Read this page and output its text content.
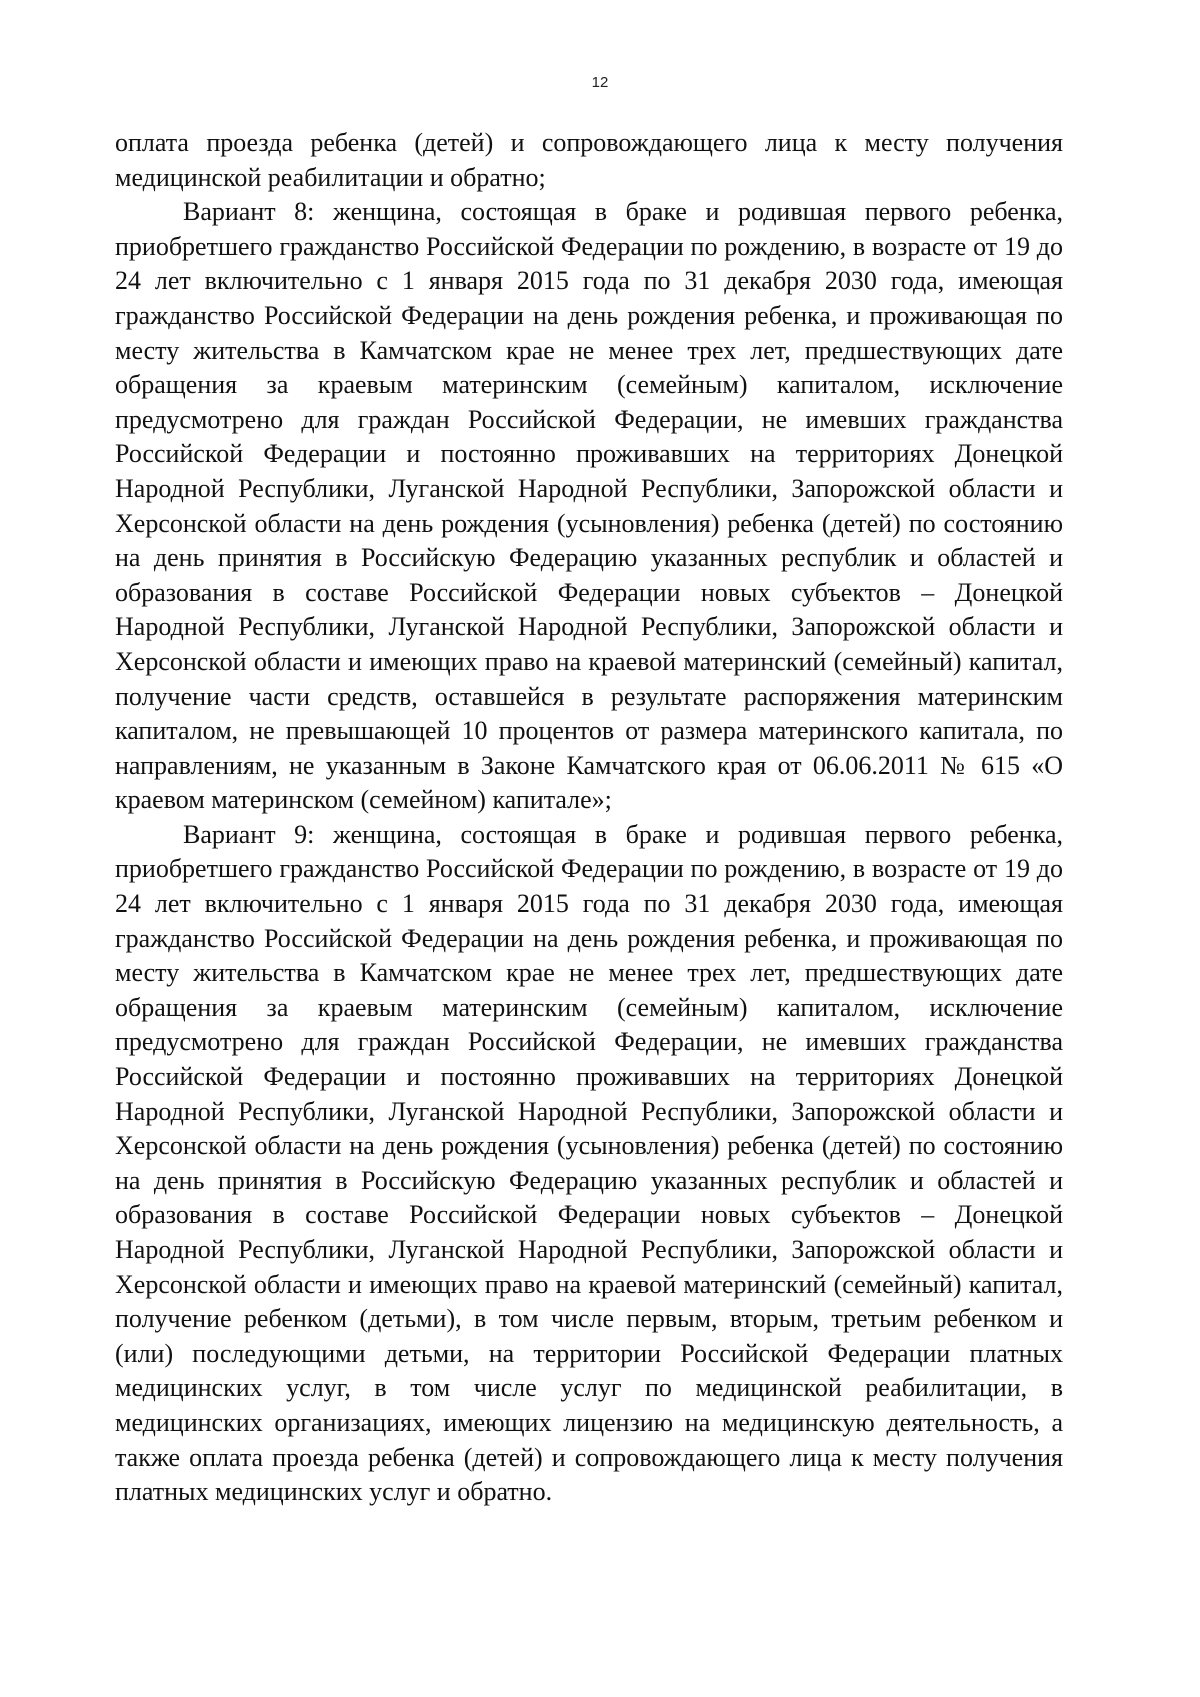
12

оплата проезда ребенка (детей) и сопровождающего лица к месту получения медицинской реабилитации и обратно;

Вариант 8: женщина, состоящая в браке и родившая первого ребенка, приобретшего гражданство Российской Федерации по рождению, в возрасте от 19 до 24 лет включительно с 1 января 2015 года по 31 декабря 2030 года, имеющая гражданство Российской Федерации на день рождения ребенка, и проживающая по месту жительства в Камчатском крае не менее трех лет, предшествующих дате обращения за краевым материнским (семейным) капиталом, исключение предусмотрено для граждан Российской Федерации, не имевших гражданства Российской Федерации и постоянно проживавших на территориях Донецкой Народной Республики, Луганской Народной Республики, Запорожской области и Херсонской области на день рождения (усыновления) ребенка (детей) по состоянию на день принятия в Российскую Федерацию указанных республик и областей и образования в составе Российской Федерации новых субъектов – Донецкой Народной Республики, Луганской Народной Республики, Запорожской области и Херсонской области и имеющих право на краевой материнский (семейный) капитал, получение части средств, оставшейся в результате распоряжения материнским капиталом, не превышающей 10 процентов от размера материнского капитала, по направлениям, не указанным в Законе Камчатского края от 06.06.2011 № 615 «О краевом материнском (семейном) капитале»;

Вариант 9: женщина, состоящая в браке и родившая первого ребенка, приобретшего гражданство Российской Федерации по рождению, в возрасте от 19 до 24 лет включительно с 1 января 2015 года по 31 декабря 2030 года, имеющая гражданство Российской Федерации на день рождения ребенка, и проживающая по месту жительства в Камчатском крае не менее трех лет, предшествующих дате обращения за краевым материнским (семейным) капиталом, исключение предусмотрено для граждан Российской Федерации, не имевших гражданства Российской Федерации и постоянно проживавших на территориях Донецкой Народной Республики, Луганской Народной Республики, Запорожской области и Херсонской области на день рождения (усыновления) ребенка (детей) по состоянию на день принятия в Российскую Федерацию указанных республик и областей и образования в составе Российской Федерации новых субъектов – Донецкой Народной Республики, Луганской Народной Республики, Запорожской области и Херсонской области и имеющих право на краевой материнский (семейный) капитал, получение ребенком (детьми), в том числе первым, вторым, третьим ребенком и (или) последующими детьми, на территории Российской Федерации платных медицинских услуг, в том числе услуг по медицинской реабилитации, в медицинских организациях, имеющих лицензию на медицинскую деятельность, а также оплата проезда ребенка (детей) и сопровождающего лица к месту получения платных медицинских услуг и обратно.
